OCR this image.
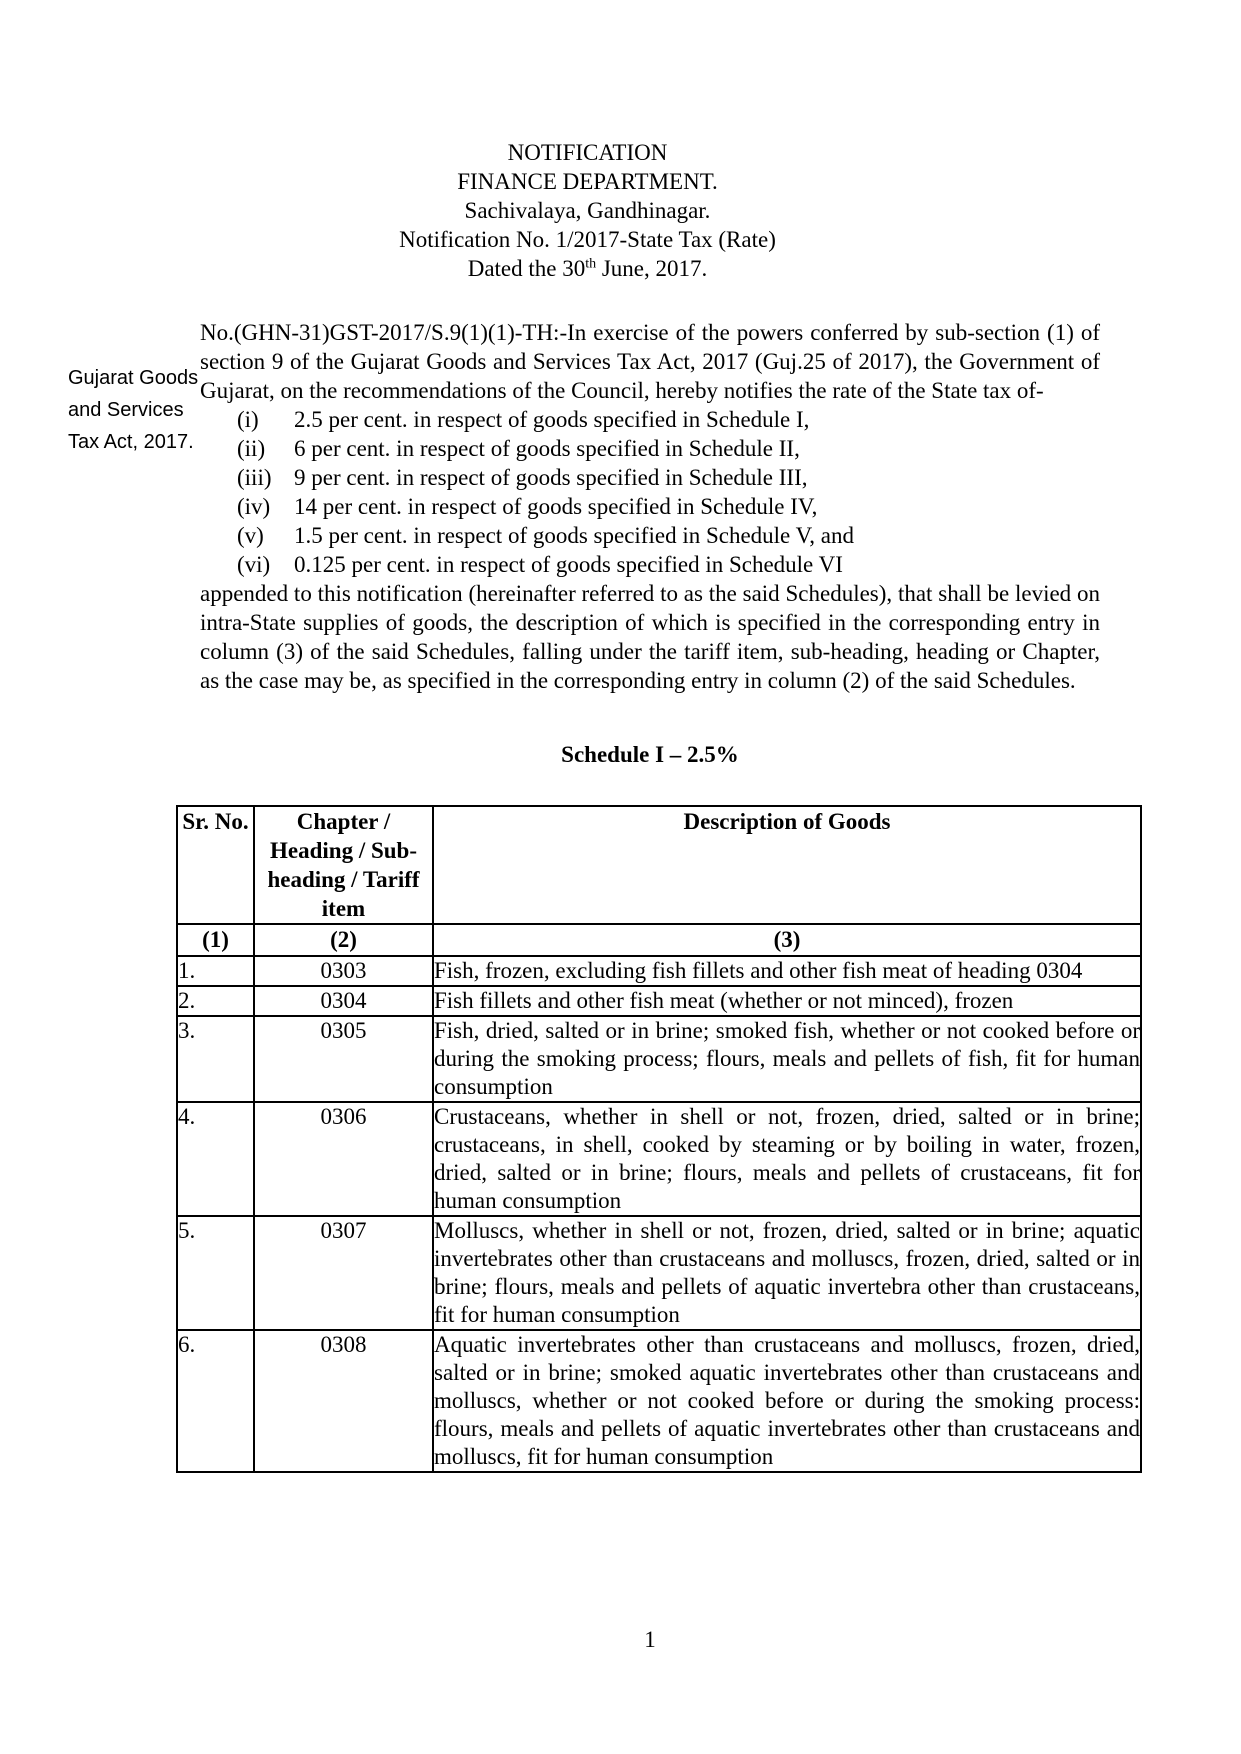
Gujarat Goods and Services Tax Act, 2017.
NOTIFICATION
FINANCE DEPARTMENT.
Sachivalaya, Gandhinagar.
Notification No. 1/2017-State Tax (Rate)
Dated the 30th June, 2017.

No.(GHN-31)GST-2017/S.9(1)(1)-TH:-In exercise of the powers conferred by sub-section (1) of section 9 of the Gujarat Goods and Services Tax Act, 2017 (Guj.25 of 2017), the Government of Gujarat, on the recommendations of the Council, hereby notifies the rate of the State tax of-

(i)	2.5 per cent. in respect of goods specified in Schedule I,
(ii)	6 per cent. in respect of goods specified in Schedule II,
(iii) 9 per cent. in respect of goods specified in Schedule III,
(iv)	14 per cent. in respect of goods specified in Schedule IV,
(v)	1.5 per cent. in respect of goods specified in Schedule V, and
(vi)	0.125 per cent. in respect of goods specified in Schedule VI

appended to this notification (hereinafter referred to as the said Schedules), that shall be levied on intra-State supplies of goods, the description of which is specified in the corresponding entry in column (3) of the said Schedules, falling under the tariff item, sub-heading, heading or Chapter, as the case may be, as specified in the corresponding entry in column (2) of the said Schedules.

Schedule I – 2.5%
Sr. No.	Chapter / Heading / Sub-heading / Tariff item	Description of Goods
(1)	(2)	(3)
1.	0303	Fish, frozen, excluding fish fillets and other fish meat of heading 0304
2.	0304	Fish fillets and other fish meat (whether or not minced), frozen
3.	0305	Fish, dried, salted or in brine; smoked fish, whether or not cooked before or during the smoking process; flours, meals and pellets of fish, fit for human consumption
4.	0306	Crustaceans, whether in shell or not, frozen, dried, salted or in brine; crustaceans, in shell, cooked by steaming or by boiling in water, frozen, dried, salted or in brine; flours, meals and pellets of crustaceans, fit for human consumption
5.	0307	Molluscs, whether in shell or not, frozen, dried, salted or in brine; aquatic invertebrates other than crustaceans and molluscs, frozen, dried, salted or in brine; flours, meals and pellets of aquatic invertebra other than crustaceans, fit for human consumption
6.	0308	Aquatic invertebrates other than crustaceans and molluscs, frozen, dried, salted or in brine; smoked aquatic invertebrates other than crustaceans and molluscs, whether or not cooked before or during the smoking process: flours, meals and pellets of aquatic invertebrates other than crustaceans and molluscs, fit for human consumption
1
